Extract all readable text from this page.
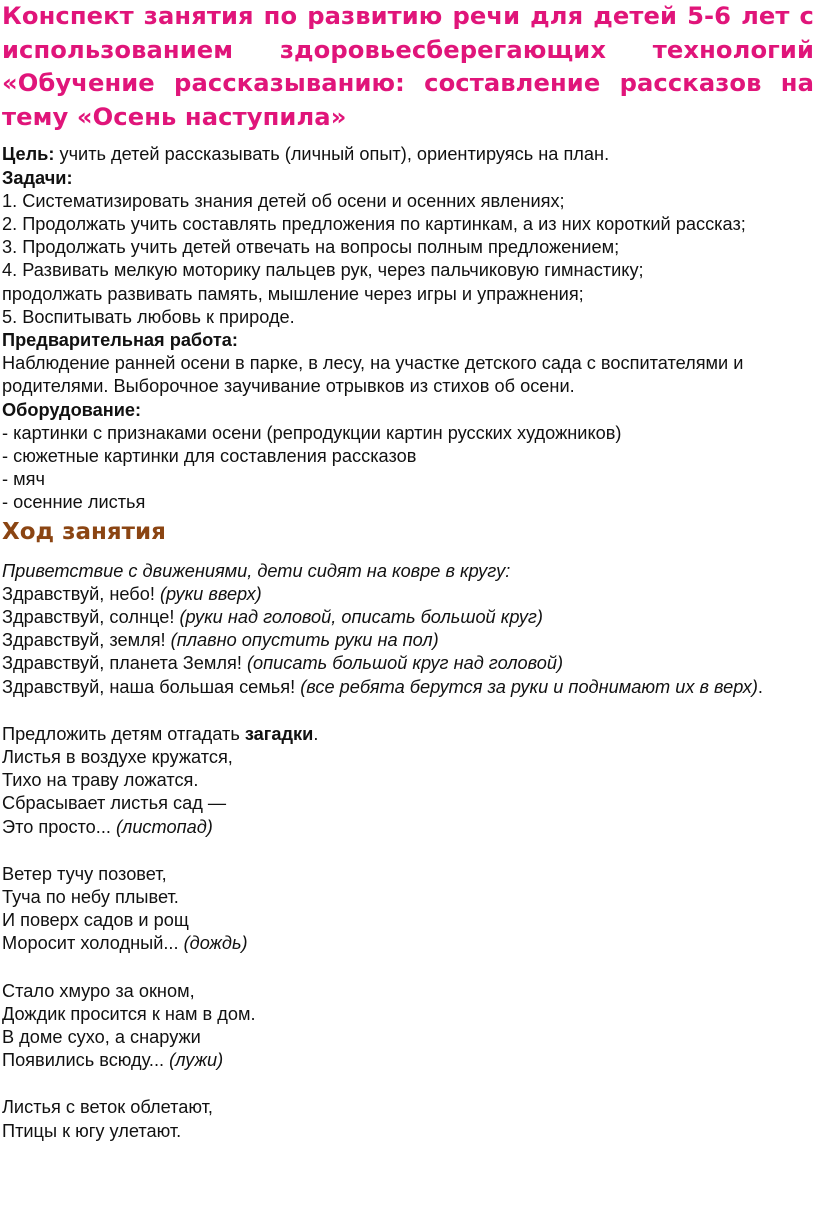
Конспект занятия по развитию речи для детей 5-6 лет с использованием здоровьесберегающих технологий «Обучение рассказыванию: составление рассказов на тему «Осень наступила»
Цель: учить детей рассказывать (личный опыт), ориентируясь на план.
Задачи:
1. Систематизировать знания детей об осени и осенних явлениях;
2. Продолжать учить составлять предложения по картинкам, а из них короткий рассказ;
3. Продолжать учить детей отвечать на вопросы полным предложением;
4. Развивать мелкую моторику пальцев рук, через пальчиковую гимнастику;
продолжать развивать память, мышление через игры и упражнения;
5. Воспитывать любовь к природе.
Предварительная работа:
Наблюдение ранней осени в парке, в лесу, на участке детского сада с воспитателями и родителями. Выборочное заучивание отрывков из стихов об осени.
Оборудование:
- картинки с признаками осени (репродукции картин русских художников)
- сюжетные картинки для составления рассказов
- мяч
- осенние листья
Ход занятия
Приветствие с движениями, дети сидят на ковре в кругу:
Здравствуй, небо! (руки вверх)
Здравствуй, солнце! (руки над головой, описать большой круг)
Здравствуй, земля! (плавно опустить руки на пол)
Здравствуй, планета Земля! (описать большой круг над головой)
Здравствуй, наша большая семья! (все ребята берутся за руки и поднимают их в верх).
Предложить детям отгадать загадки.
Листья в воздухе кружатся,
Тихо на траву ложатся.
Сбрасывает листья сад —
Это просто... (листопад)
Ветер тучу позовет,
Туча по небу плывет.
И поверх садов и рощ
Моросит холодный... (дождь)
Стало хмуро за окном,
Дождик просится к нам в дом.
В доме сухо, а снаружи
Появились всюду... (лужи)
Листья с веток облетают,
Птицы к югу улетают.
